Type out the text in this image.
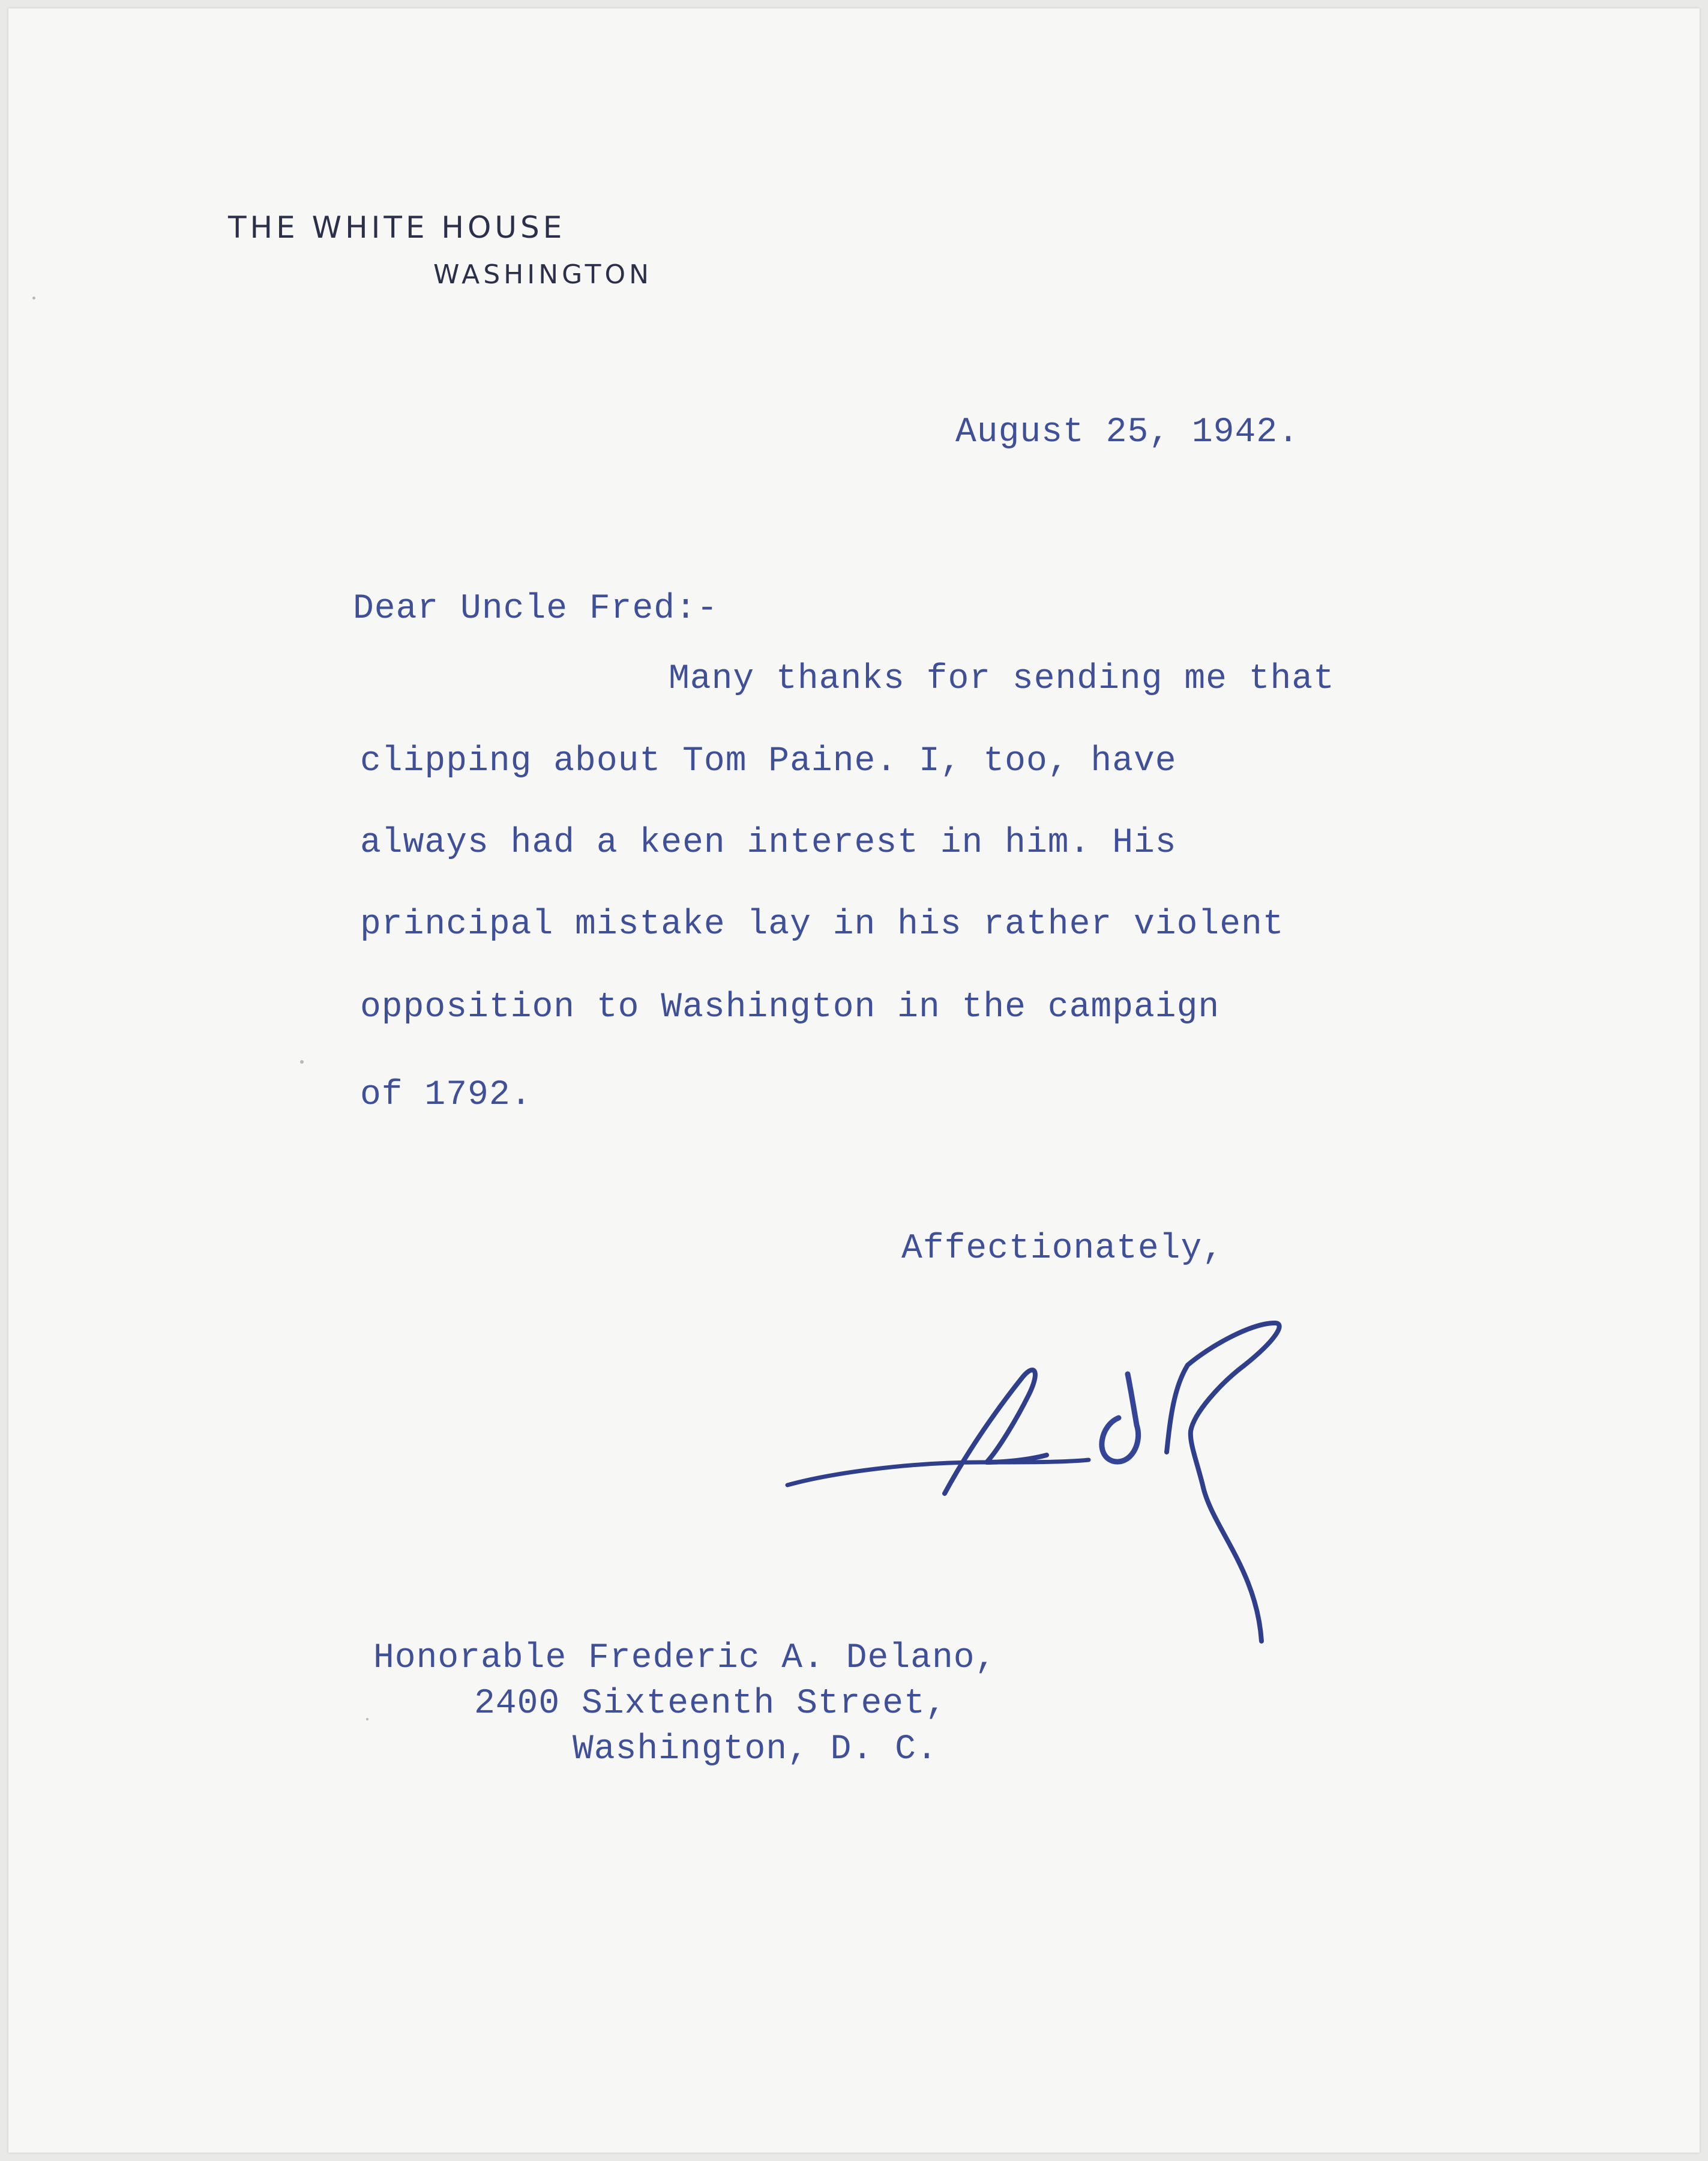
THE WHITE HOUSE
WASHINGTON
August 25, 1942.
Dear Uncle Fred:-
Many thanks for sending me that
clipping about Tom Paine. I, too, have
always had a keen interest in him. His
principal mistake lay in his rather violent
opposition to Washington in the campaign
of 1792.
Affectionately,
Honorable Frederic A. Delano,
2400 Sixteenth Street,
Washington, D. C.
